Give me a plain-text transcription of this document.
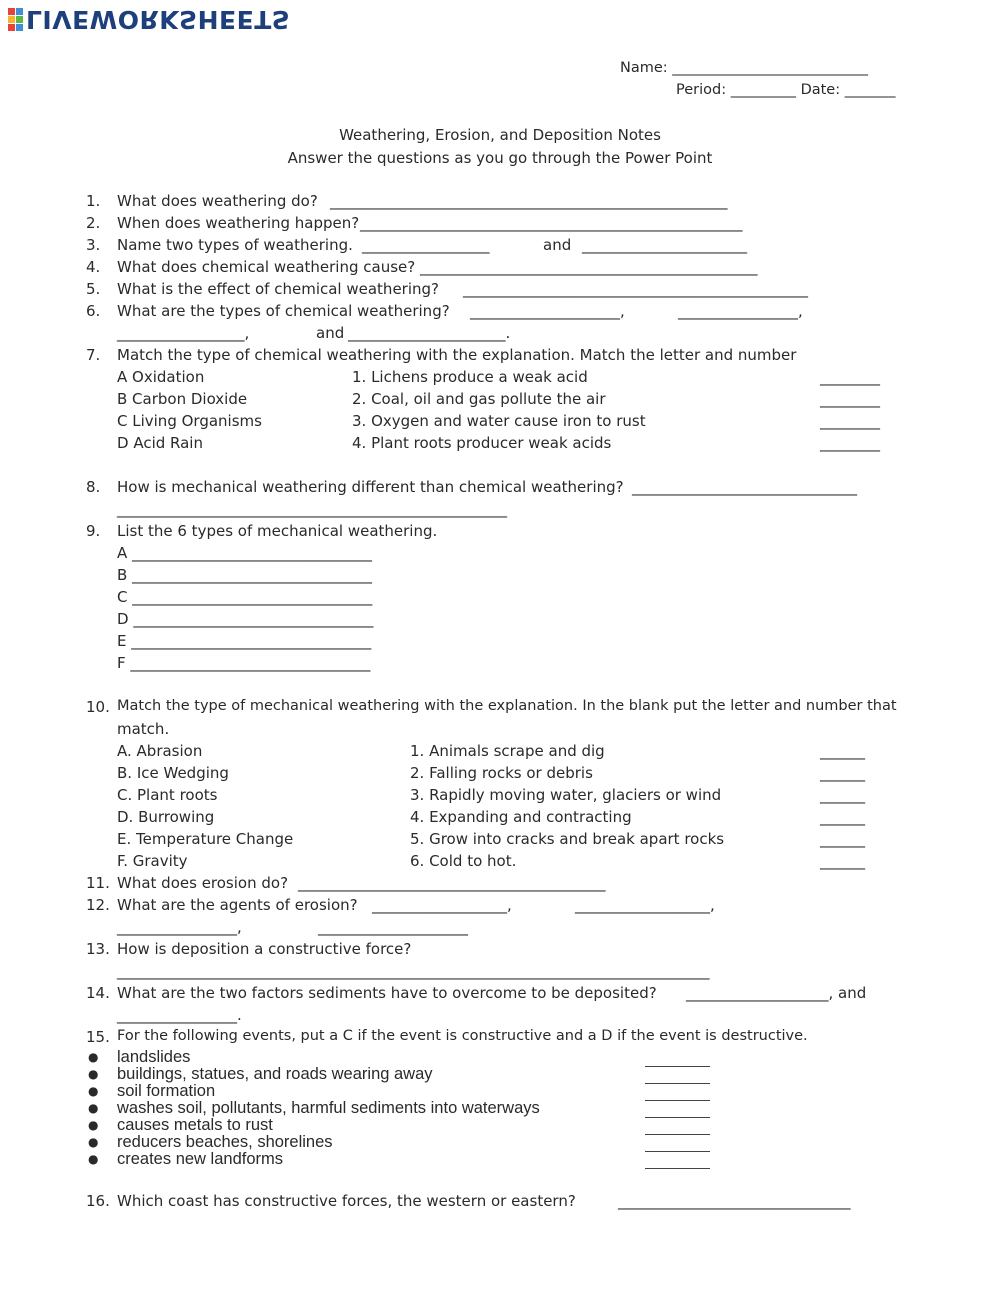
LIVEWORKSHEETS
Name: ___________________________
Period: _________ Date: _______
Weathering, Erosion, and Deposition Notes
Answer the questions as you go through the Power Point
1. What does weathering do? _____________________________________________________
2. When does weathering happen? ___________________________________________________
3. Name two types of weathering. _________________	and ______________________
4. What does chemical weathering cause? _____________________________________________
5. What is the effect of chemical weathering? ______________________________________________
6. What are the types of chemical weathering? ____________________,	________________,
_________________,	and _____________________.
7. Match the type of chemical weathering with the explanation. Match the letter and number
A Oxidation	1. Lichens produce a weak acid	________
B Carbon Dioxide	2. Coal, oil and gas pollute the air	________
C Living Organisms	3. Oxygen and water cause iron to rust	________
D Acid Rain	4. Plant roots producer weak acids	________
8. How is mechanical weathering different than chemical weathering? ______________________________
____________________________________________________
9. List the 6 types of mechanical weathering.
A ________________________________
B ________________________________
C ________________________________
D ________________________________
E ________________________________
F ________________________________
10. Match the type of mechanical weathering with the explanation. In the blank put the letter and number that
match.
A. Abrasion	1. Animals scrape and dig	______
B. Ice Wedging	2. Falling rocks or debris	______
C. Plant roots	3. Rapidly moving water, glaciers or wind	______
D. Burrowing	4. Expanding and contracting	______
E. Temperature Change	5. Grow into cracks and break apart rocks	______
F. Gravity	6. Cold to hot.	______
11. What does erosion do? _________________________________________
12. What are the agents of erosion? __________________,	__________________,
________________,	____________________
13. How is deposition a constructive force?
_______________________________________________________________________________
14. What are the two factors sediments have to overcome to be deposited? ___________________, and
________________.
15. For the following events, put a C if the event is constructive and a D if the event is destructive.
● landslides
● buildings, statues, and roads wearing away
● soil formation
● washes soil, pollutants, harmful sediments into waterways
● causes metals to rust
● reducers beaches, shorelines
● creates new landforms
16. Which coast has constructive forces, the western or eastern?	_______________________________
